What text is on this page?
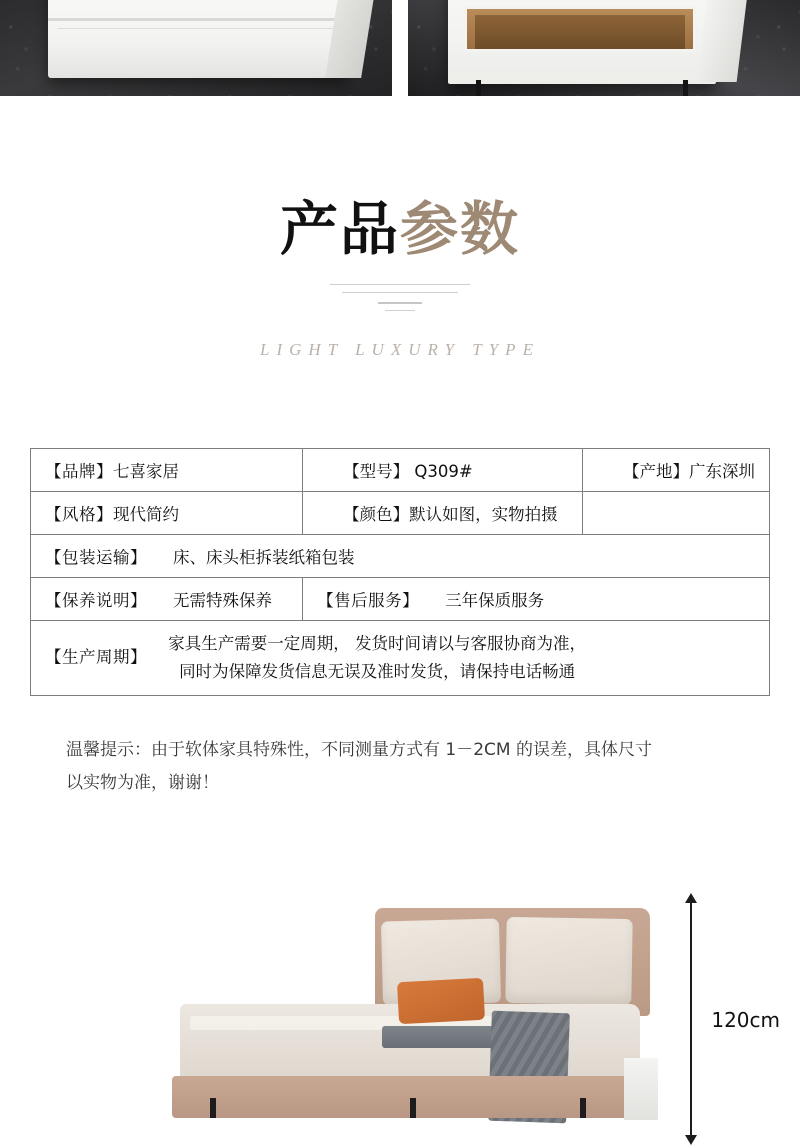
产品参数
LIGHT LUXURY TYPE
【品牌】七喜家居	【型号】 Q309#	【产地】广东深圳
【风格】现代简约	【颜色】默认如图，实物拍摄	
【包装运输】 床、床头柜拆装纸箱包装		
【保养说明】 无需特殊保养	【售后服务】 三年保质服务	
【生产周期】 家具生产需要一定周期， 发货时间请以与客服协商为准，
同时为保障发货信息无误及准时发货，请保持电话畅通		
温馨提示：由于软体家具特殊性，不同测量方式有 1－2CM 的误差，具体尺寸
以实物为准，谢谢！
120cm
